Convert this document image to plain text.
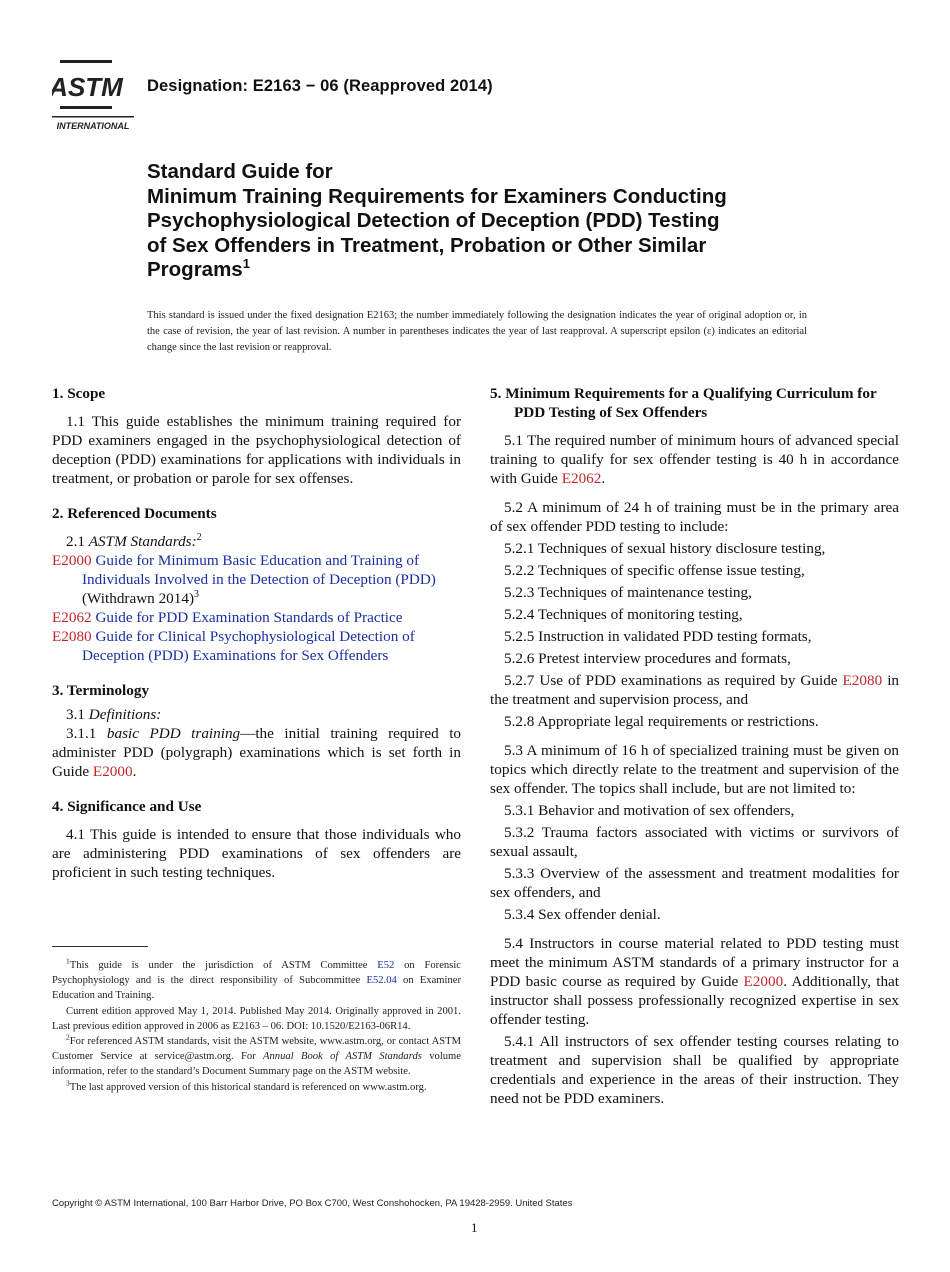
ASTM
INTERNATIONAL
Designation: E2163 − 06 (Reapproved 2014)
Standard Guide for
Minimum Training Requirements for Examiners Conducting
Psychophysiological Detection of Deception (PDD) Testing
of Sex Offenders in Treatment, Probation or Other Similar
Programs$^1$
This standard is issued under the fixed designation E2163; the number immediately following the designation indicates the year of original adoption or, in the case of revision, the year of last revision. A number in parentheses indicates the year of last reapproval. A superscript epsilon (ε) indicates an editorial change since the last revision or reapproval.

1. Scope

1.1 This guide establishes the minimum training required for PDD examiners engaged in the psychophysiological detection of deception (PDD) examinations for applications with individuals in treatment, or probation or parole for sex offenses.

2. Referenced Documents

2.1 ASTM Standards:$^2$

E2000 Guide for Minimum Basic Education and Training of Individuals Involved in the Detection of Deception (PDD) (Withdrawn 2014)$^3$

E2062 Guide for PDD Examination Standards of Practice

E2080 Guide for Clinical Psychophysiological Detection of Deception (PDD) Examinations for Sex Offenders

3. Terminology

3.1 Definitions:

3.1.1 basic PDD training—the initial training required to administer PDD (polygraph) examinations which is set forth in Guide E2000.

4. Significance and Use

4.1 This guide is intended to ensure that those individuals who are administering PDD examinations of sex offenders are proficient in such testing techniques.

5. Minimum Requirements for a Qualifying Curriculum for PDD Testing of Sex Offenders

5.1 The required number of minimum hours of advanced special training to qualify for sex offender testing is 40 h in accordance with Guide E2062.

5.2 A minimum of 24 h of training must be in the primary area of sex offender PDD testing to include:

5.2.1 Techniques of sexual history disclosure testing,

5.2.2 Techniques of specific offense issue testing,

5.2.3 Techniques of maintenance testing,

5.2.4 Techniques of monitoring testing,

5.2.5 Instruction in validated PDD testing formats,

5.2.6 Pretest interview procedures and formats,

5.2.7 Use of PDD examinations as required by Guide E2080 in the treatment and supervision process, and

5.2.8 Appropriate legal requirements or restrictions.

5.3 A minimum of 16 h of specialized training must be given on topics which directly relate to the treatment and supervision of the sex offender. The topics shall include, but are not limited to:

5.3.1 Behavior and motivation of sex offenders,

5.3.2 Trauma factors associated with victims or survivors of sexual assault,

5.3.3 Overview of the assessment and treatment modalities for sex offenders, and

5.3.4 Sex offender denial.

5.4 Instructors in course material related to PDD testing must meet the minimum ASTM standards of a primary instructor for a PDD basic course as required by Guide E2000. Additionally, that instructor shall possess professionally recognized expertise in sex offender testing.

5.4.1 All instructors of sex offender testing courses relating to treatment and supervision shall be qualified by appropriate credentials and experience in the areas of their instruction. They need not be PDD examiners.

$^1$This guide is under the jurisdiction of ASTM Committee E52 on Forensic Psychophysiology and is the direct responsibility of Subcommittee E52.04 on Examiner Education and Training.

Current edition approved May 1, 2014. Published May 2014. Originally approved in 2001. Last previous edition approved in 2006 as E2163 – 06. DOI: 10.1520/E2163-06R14.

$^2$For referenced ASTM standards, visit the ASTM website, www.astm.org, or contact ASTM Customer Service at service@astm.org. For Annual Book of ASTM Standards volume information, refer to the standard’s Document Summary page on the ASTM website.

$^3$The last approved version of this historical standard is referenced on www.astm.org.

Copyright © ASTM International, 100 Barr Harbor Drive, PO Box C700, West Conshohocken, PA 19428-2959. United States
1
